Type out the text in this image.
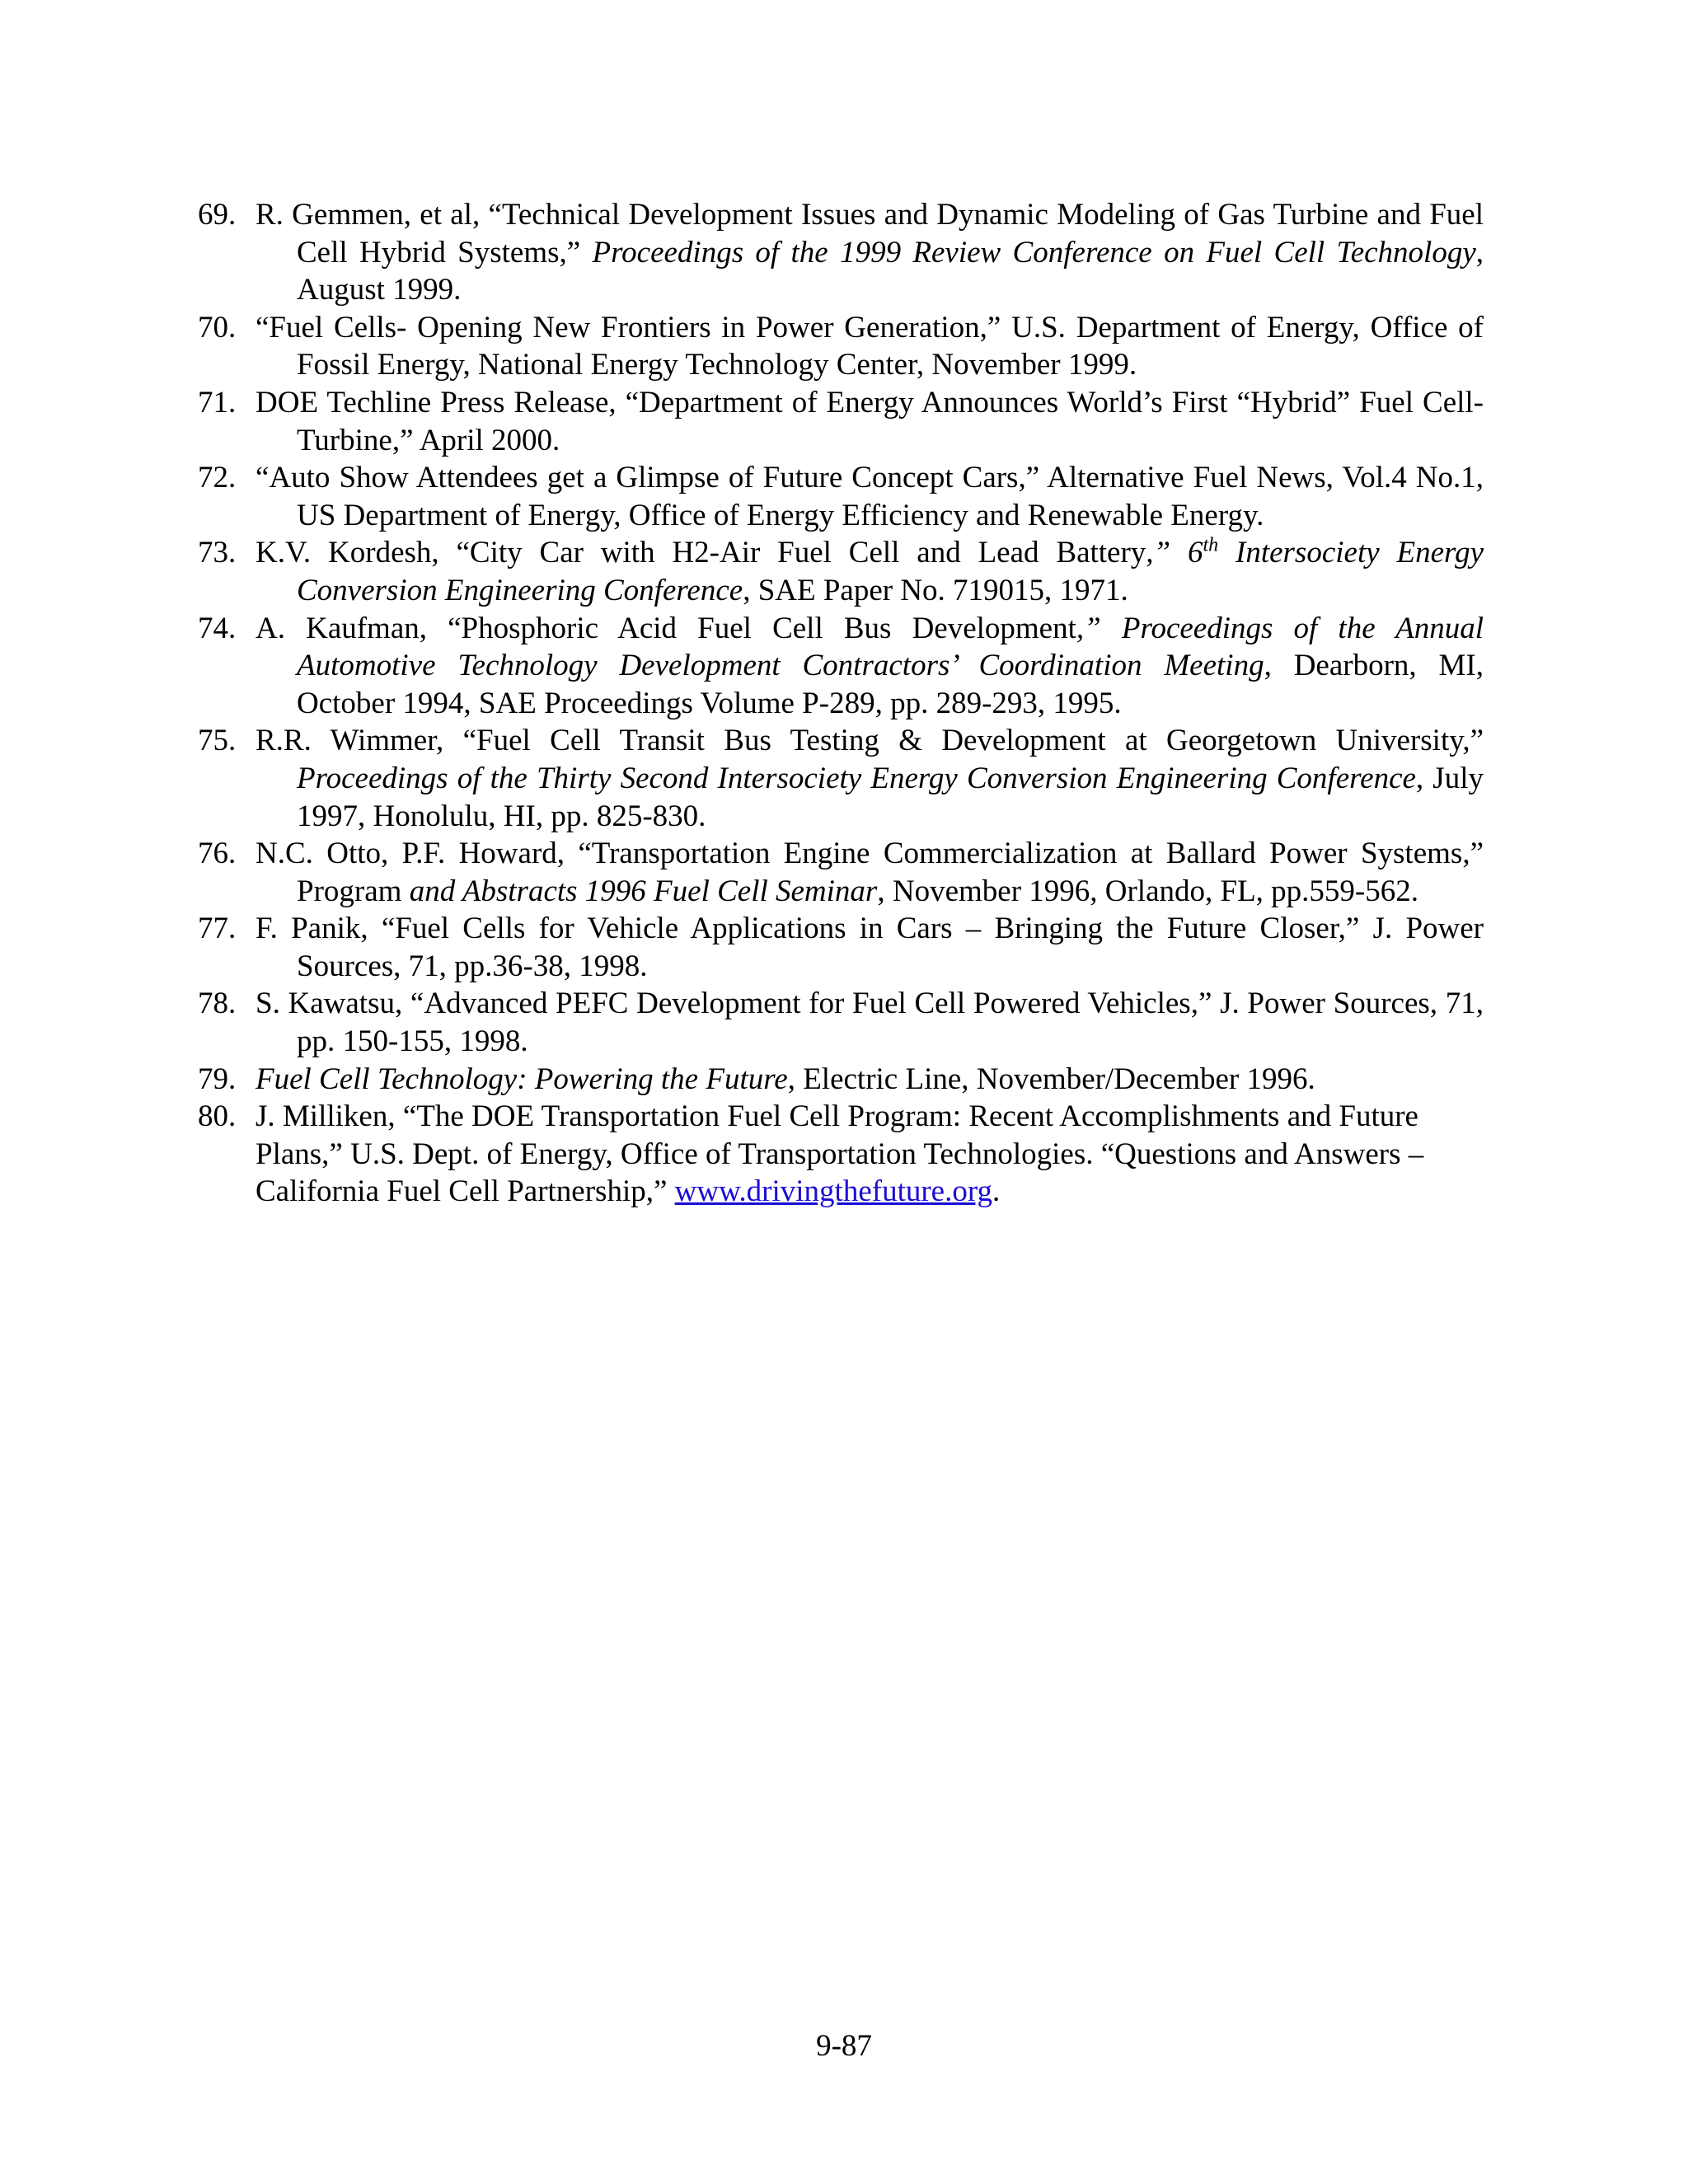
69. R. Gemmen, et al, “Technical Development Issues and Dynamic Modeling of Gas Turbine and Fuel Cell Hybrid Systems,” Proceedings of the 1999 Review Conference on Fuel Cell Technology, August 1999.
70. “Fuel Cells- Opening New Frontiers in Power Generation,” U.S. Department of Energy, Office of Fossil Energy, National Energy Technology Center, November 1999.
71. DOE Techline Press Release, “Department of Energy Announces World’s First “Hybrid” Fuel Cell-Turbine,” April 2000.
72. “Auto Show Attendees get a Glimpse of Future Concept Cars,” Alternative Fuel News, Vol.4 No.1, US Department of Energy, Office of Energy Efficiency and Renewable Energy.
73. K.V. Kordesh, “City Car with H2-Air Fuel Cell and Lead Battery,” 6th Intersociety Energy Conversion Engineering Conference, SAE Paper No. 719015, 1971.
74. A. Kaufman, “Phosphoric Acid Fuel Cell Bus Development,” Proceedings of the Annual Automotive Technology Development Contractors’ Coordination Meeting, Dearborn, MI, October 1994, SAE Proceedings Volume P-289, pp. 289-293, 1995.
75. R.R. Wimmer, “Fuel Cell Transit Bus Testing & Development at Georgetown University,” Proceedings of the Thirty Second Intersociety Energy Conversion Engineering Conference, July 1997, Honolulu, HI, pp. 825-830.
76. N.C. Otto, P.F. Howard, “Transportation Engine Commercialization at Ballard Power Systems,” Program and Abstracts 1996 Fuel Cell Seminar, November 1996, Orlando, FL, pp.559-562.
77. F. Panik, “Fuel Cells for Vehicle Applications in Cars – Bringing the Future Closer,” J. Power Sources, 71, pp.36-38, 1998.
78. S. Kawatsu, “Advanced PEFC Development for Fuel Cell Powered Vehicles,” J. Power Sources, 71, pp. 150-155, 1998.
79. Fuel Cell Technology: Powering the Future, Electric Line, November/December 1996.
80. J. Milliken, “The DOE Transportation Fuel Cell Program: Recent Accomplishments and Future Plans,” U.S. Dept. of Energy, Office of Transportation Technologies. “Questions and Answers – California Fuel Cell Partnership,” www.drivingthefuture.org.
9-87
